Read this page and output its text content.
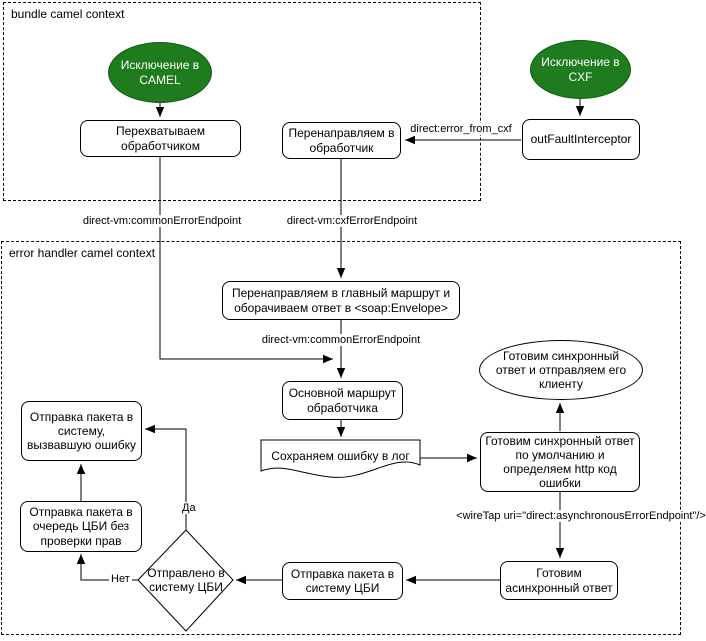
bundle camel context
error handler camel context
Исключение в CAMEL
Исключение в CXF
Перехватываем обработчиком
Перенаправляем в обработчик
outFaultInterceptor
Перенаправляем в главный маршрут и оборачиваем ответ в <soap:Envelope>
Основной маршрут обработчика
Готовим синхронный ответ и отправляем его клиенту
Отправка пакета в систему, вызвавшую ошибку	Готовим синхронный ответ по умолчанию и определяем http код ошибки
Отправка пакета в очередь ЦБИ без проверки прав
Отправка пакета в систему ЦБИ
Готовим асинхронный ответ
Сохраняем ошибку в лог
Отправлено в систему ЦБИ
direct:error_from_cxf
direct-vm:commonErrorEndpoint	direct-vm:cxfErrorEndpoint
direct-vm:commonErrorEndpoint
<wireTap uri="direct:asynchronousErrorEndpoint"/>
Да
Нет
